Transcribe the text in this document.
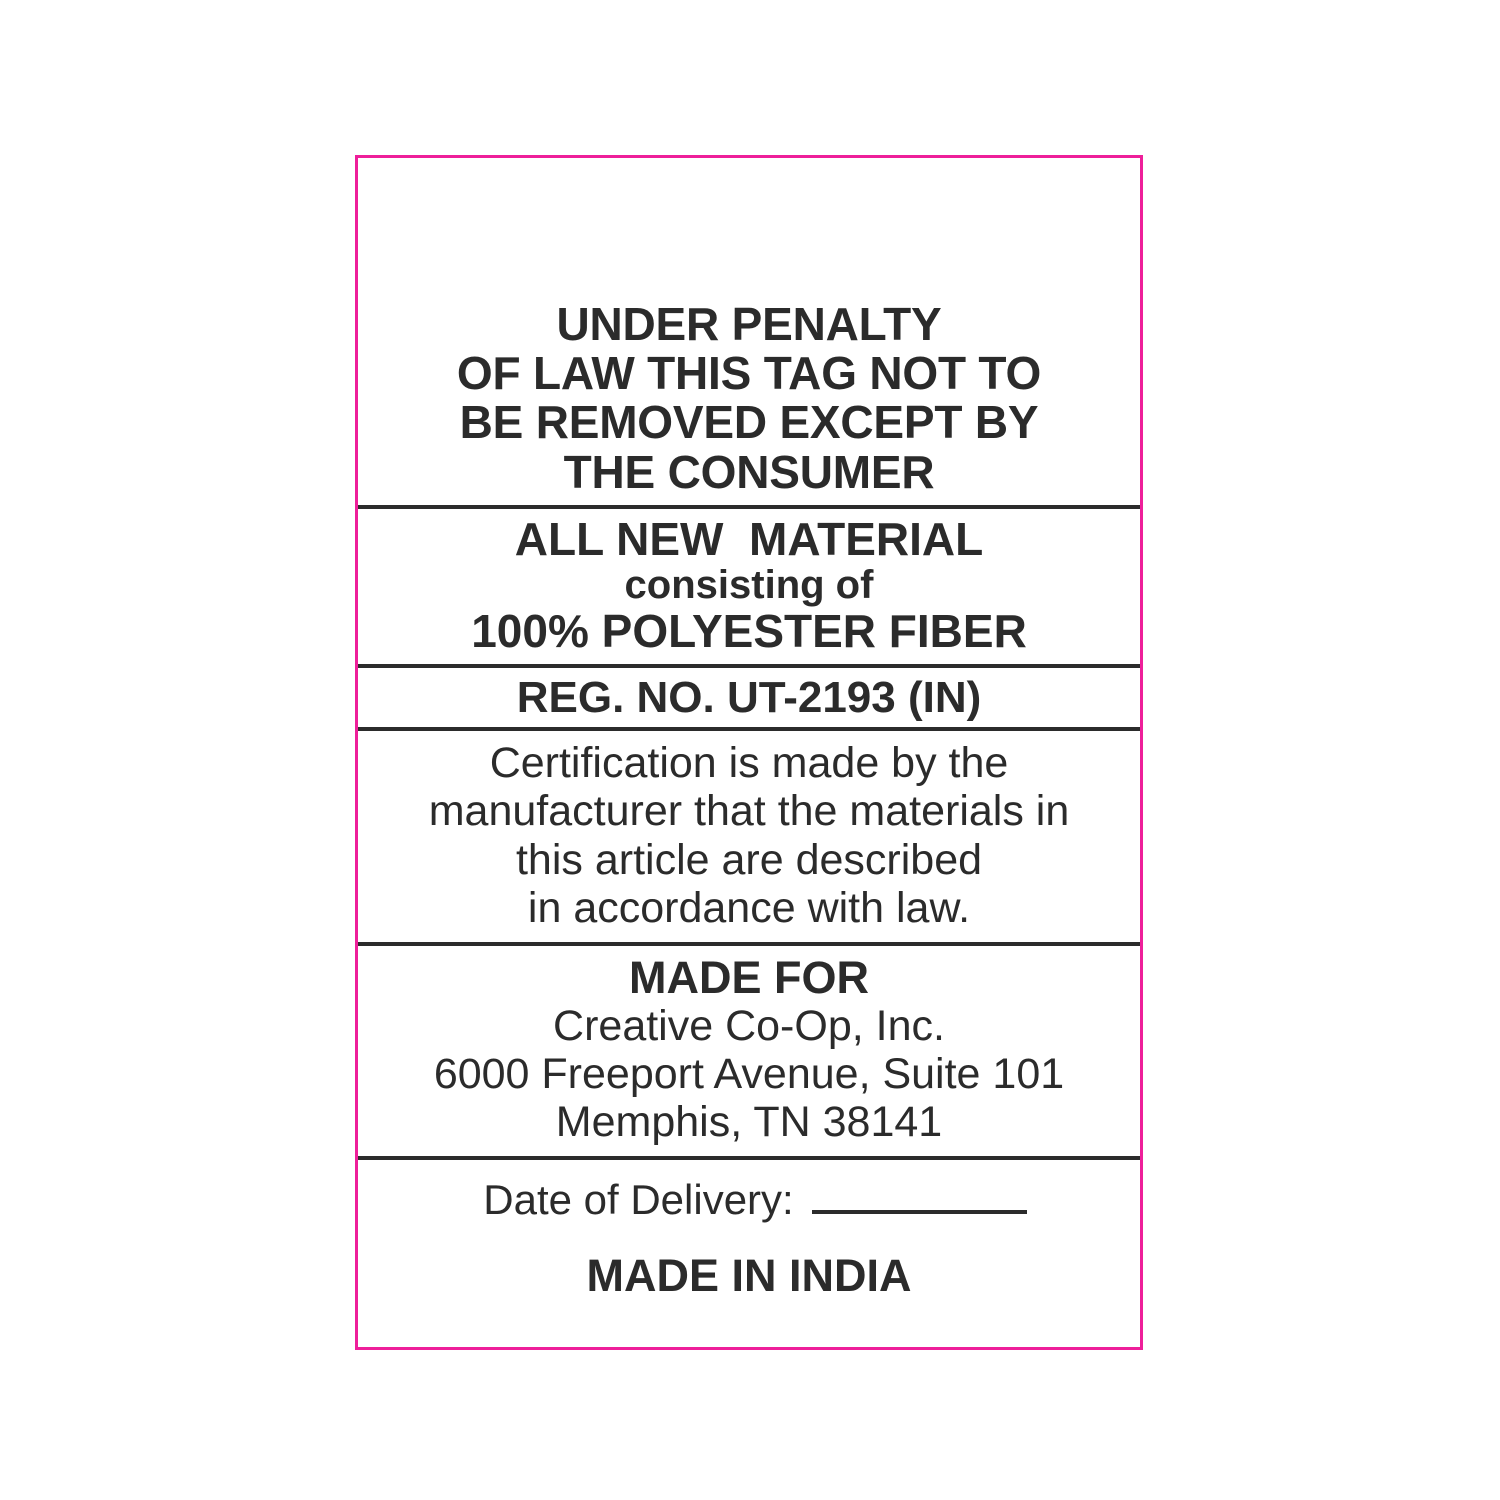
UNDER PENALTY
OF LAW THIS TAG NOT TO
BE REMOVED EXCEPT BY
THE CONSUMER
ALL NEW  MATERIAL
consisting of
100% POLYESTER FIBER
REG. NO. UT-2193 (IN)
Certification is made by the
manufacturer that the materials in
this article are described
in accordance with law.
MADE FOR
Creative Co-Op, Inc.
6000 Freeport Avenue, Suite 101
Memphis, TN 38141
Date of Delivery:
MADE IN INDIA
